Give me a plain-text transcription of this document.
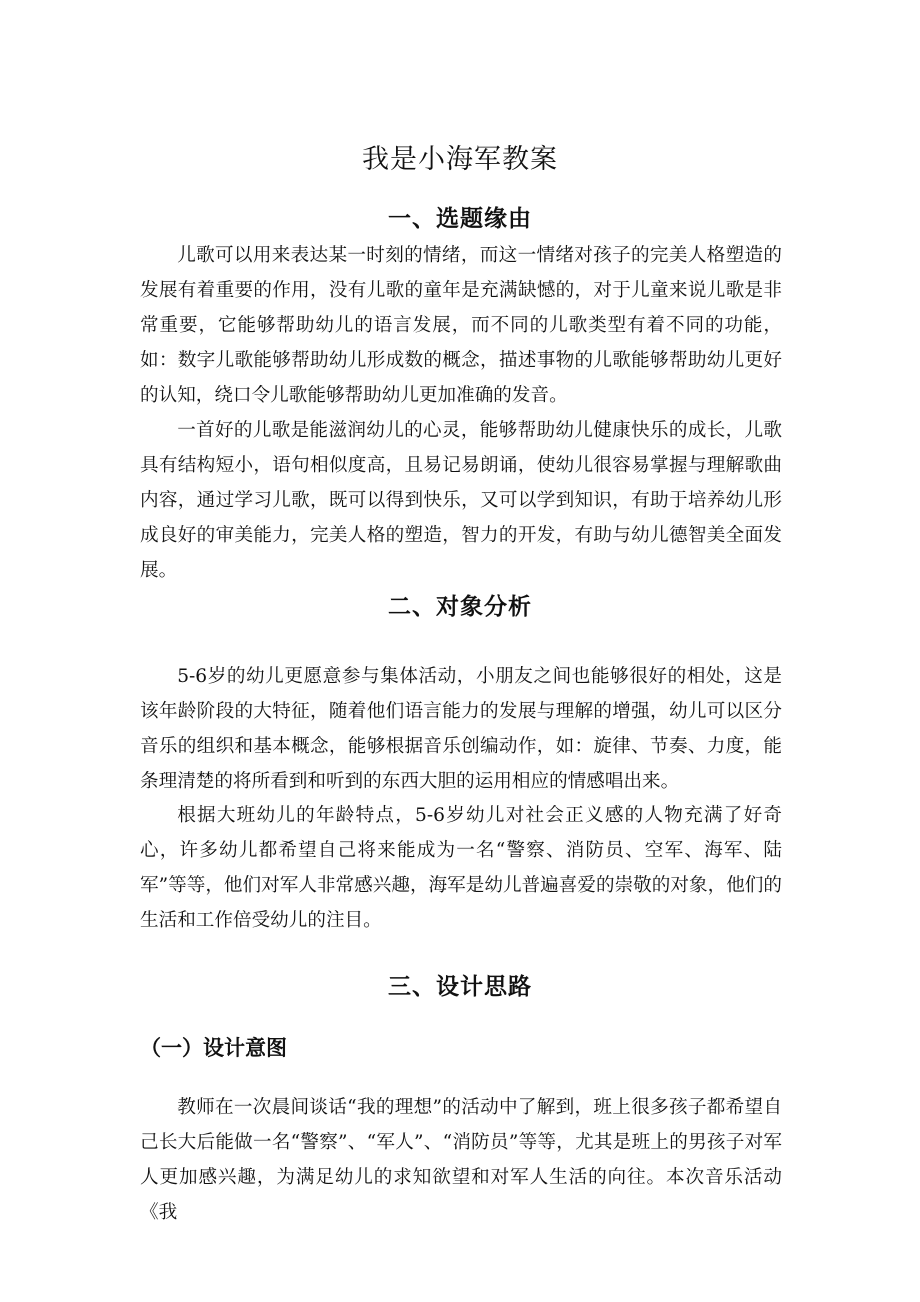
我是小海军教案
一、选题缘由

儿歌可以用来表达某一时刻的情绪，而这一情绪对孩子的完美人格塑造的发展有着重要的作用，没有儿歌的童年是充满缺憾的，对于儿童来说儿歌是非常重要，它能够帮助幼儿的语言发展，而不同的儿歌类型有着不同的功能，如：数字儿歌能够帮助幼儿形成数的概念，描述事物的儿歌能够帮助幼儿更好的认知，绕口令儿歌能够帮助幼儿更加准确的发音。

一首好的儿歌是能滋润幼儿的心灵，能够帮助幼儿健康快乐的成长，儿歌具有结构短小，语句相似度高，且易记易朗诵，使幼儿很容易掌握与理解歌曲内容，通过学习儿歌，既可以得到快乐，又可以学到知识，有助于培养幼儿形成良好的审美能力，完美人格的塑造，智力的开发，有助与幼儿德智美全面发展。

二、对象分析

5-6岁的幼儿更愿意参与集体活动，小朋友之间也能够很好的相处，这是该年龄阶段的大特征，随着他们语言能力的发展与理解的增强，幼儿可以区分音乐的组织和基本概念，能够根据音乐创编动作，如：旋律、节奏、力度，能条理清楚的将所看到和听到的东西大胆的运用相应的情感唱出来。

根据大班幼儿的年龄特点，5-6岁幼儿对社会正义感的人物充满了好奇心，许多幼儿都希望自己将来能成为一名“警察、消防员、空军、海军、陆军”等等，他们对军人非常感兴趣，海军是幼儿普遍喜爱的崇敬的对象，他们的生活和工作倍受幼儿的注目。

三、设计思路
（一）设计意图

教师在一次晨间谈话“我的理想”的活动中了解到，班上很多孩子都希望自己长大后能做一名“警察”、“军人”、“消防员”等等，尤其是班上的男孩子对军人更加感兴趣，为满足幼儿的求知欲望和对军人生活的向往。本次音乐活动《我
